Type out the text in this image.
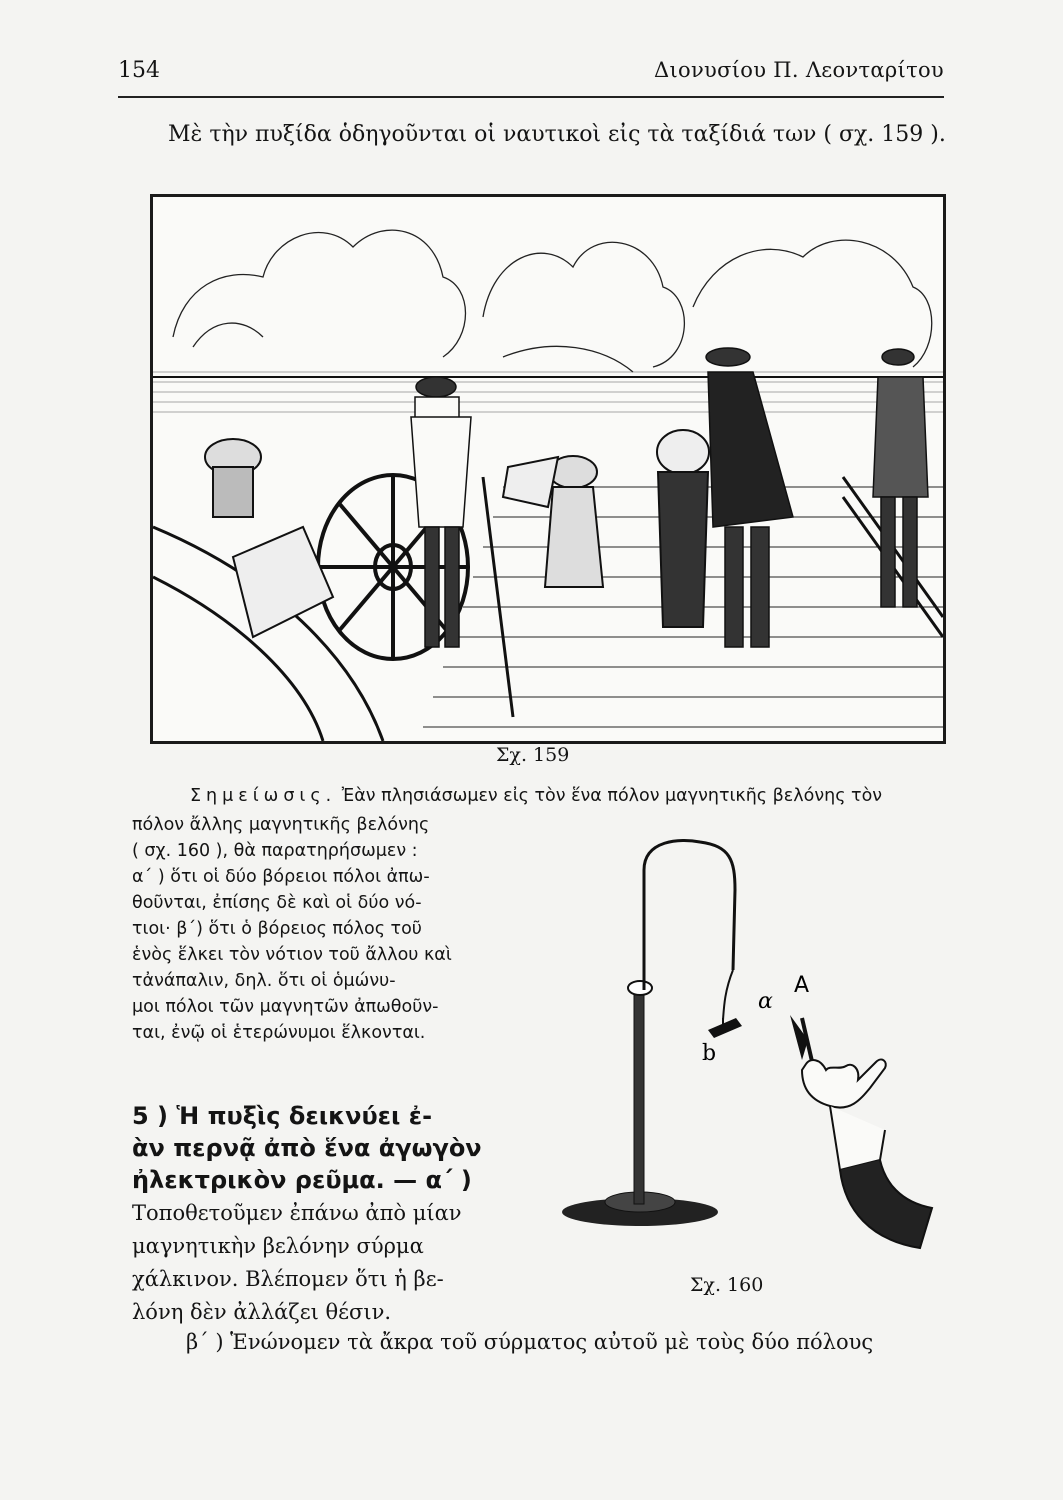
154	Διονυσίου Π. Λεονταρίτου
Μὲ τὴν πυξίδα ὁδηγοῦνται οἱ ναυτικοὶ εἰς τὰ ταξίδιά των ( σχ. 159 ).
Σχ. 159
Σημείωσις. Ἐὰν πλησιάσωμεν εἰς τὸν ἕνα πόλον μαγνητικῆς βελόνης τὸν
πόλον ἄλλης μαγνητικῆς βελόνης
( σχ. 160 ), θὰ παρατηρήσωμεν :
α΄ ) ὅτι οἱ δύο βόρειοι πόλοι ἀπω-
θοῦνται, ἐπίσης δὲ καὶ οἱ δύο νό-
τιοι· β΄) ὅτι ὁ βόρειος πόλος τοῦ
ἑνὸς ἕλκει τὸν νότιον τοῦ ἄλλου καὶ
τἀνάπαλιν, δηλ. ὅτι οἱ ὁμώνυ-
μοι πόλοι τῶν μαγνητῶν ἀπωθοῦν-
ται, ἐνῷ οἱ ἑτερώνυμοι ἕλκονται.
b
α
A
Σχ. 160
5 ) Ἡ πυξὶς δεικνύει ἐ-
ὰν περνᾷ ἀπὸ ἕνα ἀγωγὸν
ἠλεκτρικὸν ρεῦμα. — α΄ )
Τοποθετοῦμεν ἐπάνω ἀπὸ μίαν
μαγνητικὴν βελόνην σύρμα
χάλκινον. Βλέπομεν ὅτι ἡ βε-
λόνη δὲν ἀλλάζει θέσιν.
β΄ ) Ἑνώνομεν τὰ ἄκρα τοῦ σύρματος αὐτοῦ μὲ τοὺς δύο πόλους
